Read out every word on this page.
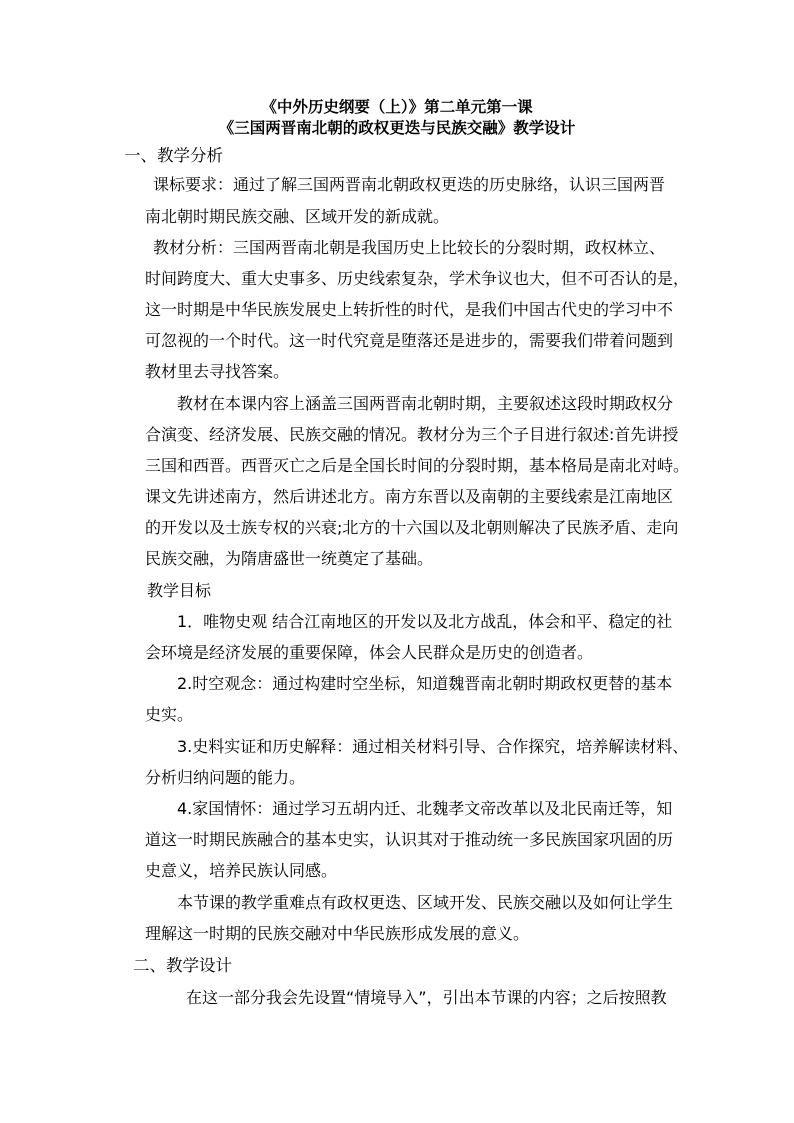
《中外历史纲要（上）》第二单元第一课
《三国两晋南北朝的政权更迭与民族交融》教学设计
一、教学分析
课标要求：通过了解三国两晋南北朝政权更迭的历史脉络，认识三国两晋
南北朝时期民族交融、区域开发的新成就。
教材分析：三国两晋南北朝是我国历史上比较长的分裂时期，政权林立、
时间跨度大、重大史事多、历史线索复杂，学术争议也大，但不可否认的是，
这一时期是中华民族发展史上转折性的时代，是我们中国古代史的学习中不
可忽视的一个时代。这一时代究竟是堕落还是进步的，需要我们带着问题到
教材里去寻找答案。
教材在本课内容上涵盖三国两晋南北朝时期，主要叙述这段时期政权分
合演变、经济发展、民族交融的情况。教材分为三个子目进行叙述:首先讲授
三国和西晋。西晋灭亡之后是全国长时间的分裂时期，基本格局是南北对峙。
课文先讲述南方，然后讲述北方。南方东晋以及南朝的主要线索是江南地区
的开发以及士族专权的兴衰;北方的十六国以及北朝则解决了民族矛盾、走向
民族交融，为隋唐盛世一统奠定了基础。
教学目标
1．唯物史观 结合江南地区的开发以及北方战乱，体会和平、稳定的社
会环境是经济发展的重要保障，体会人民群众是历史的创造者。
2.时空观念：通过构建时空坐标，知道魏晋南北朝时期政权更替的基本
史实。
3.史料实证和历史解释：通过相关材料引导、合作探究，培养解读材料、
分析归纳问题的能力。
4.家国情怀：通过学习五胡内迁、北魏孝文帝改革以及北民南迁等，知
道这一时期民族融合的基本史实，认识其对于推动统一多民族国家巩固的历
史意义，培养民族认同感。
本节课的教学重难点有政权更迭、区域开发、民族交融以及如何让学生
理解这一时期的民族交融对中华民族形成发展的意义。
二、教学设计
在这一部分我会先设置“情境导入”，引出本节课的内容；之后按照教
